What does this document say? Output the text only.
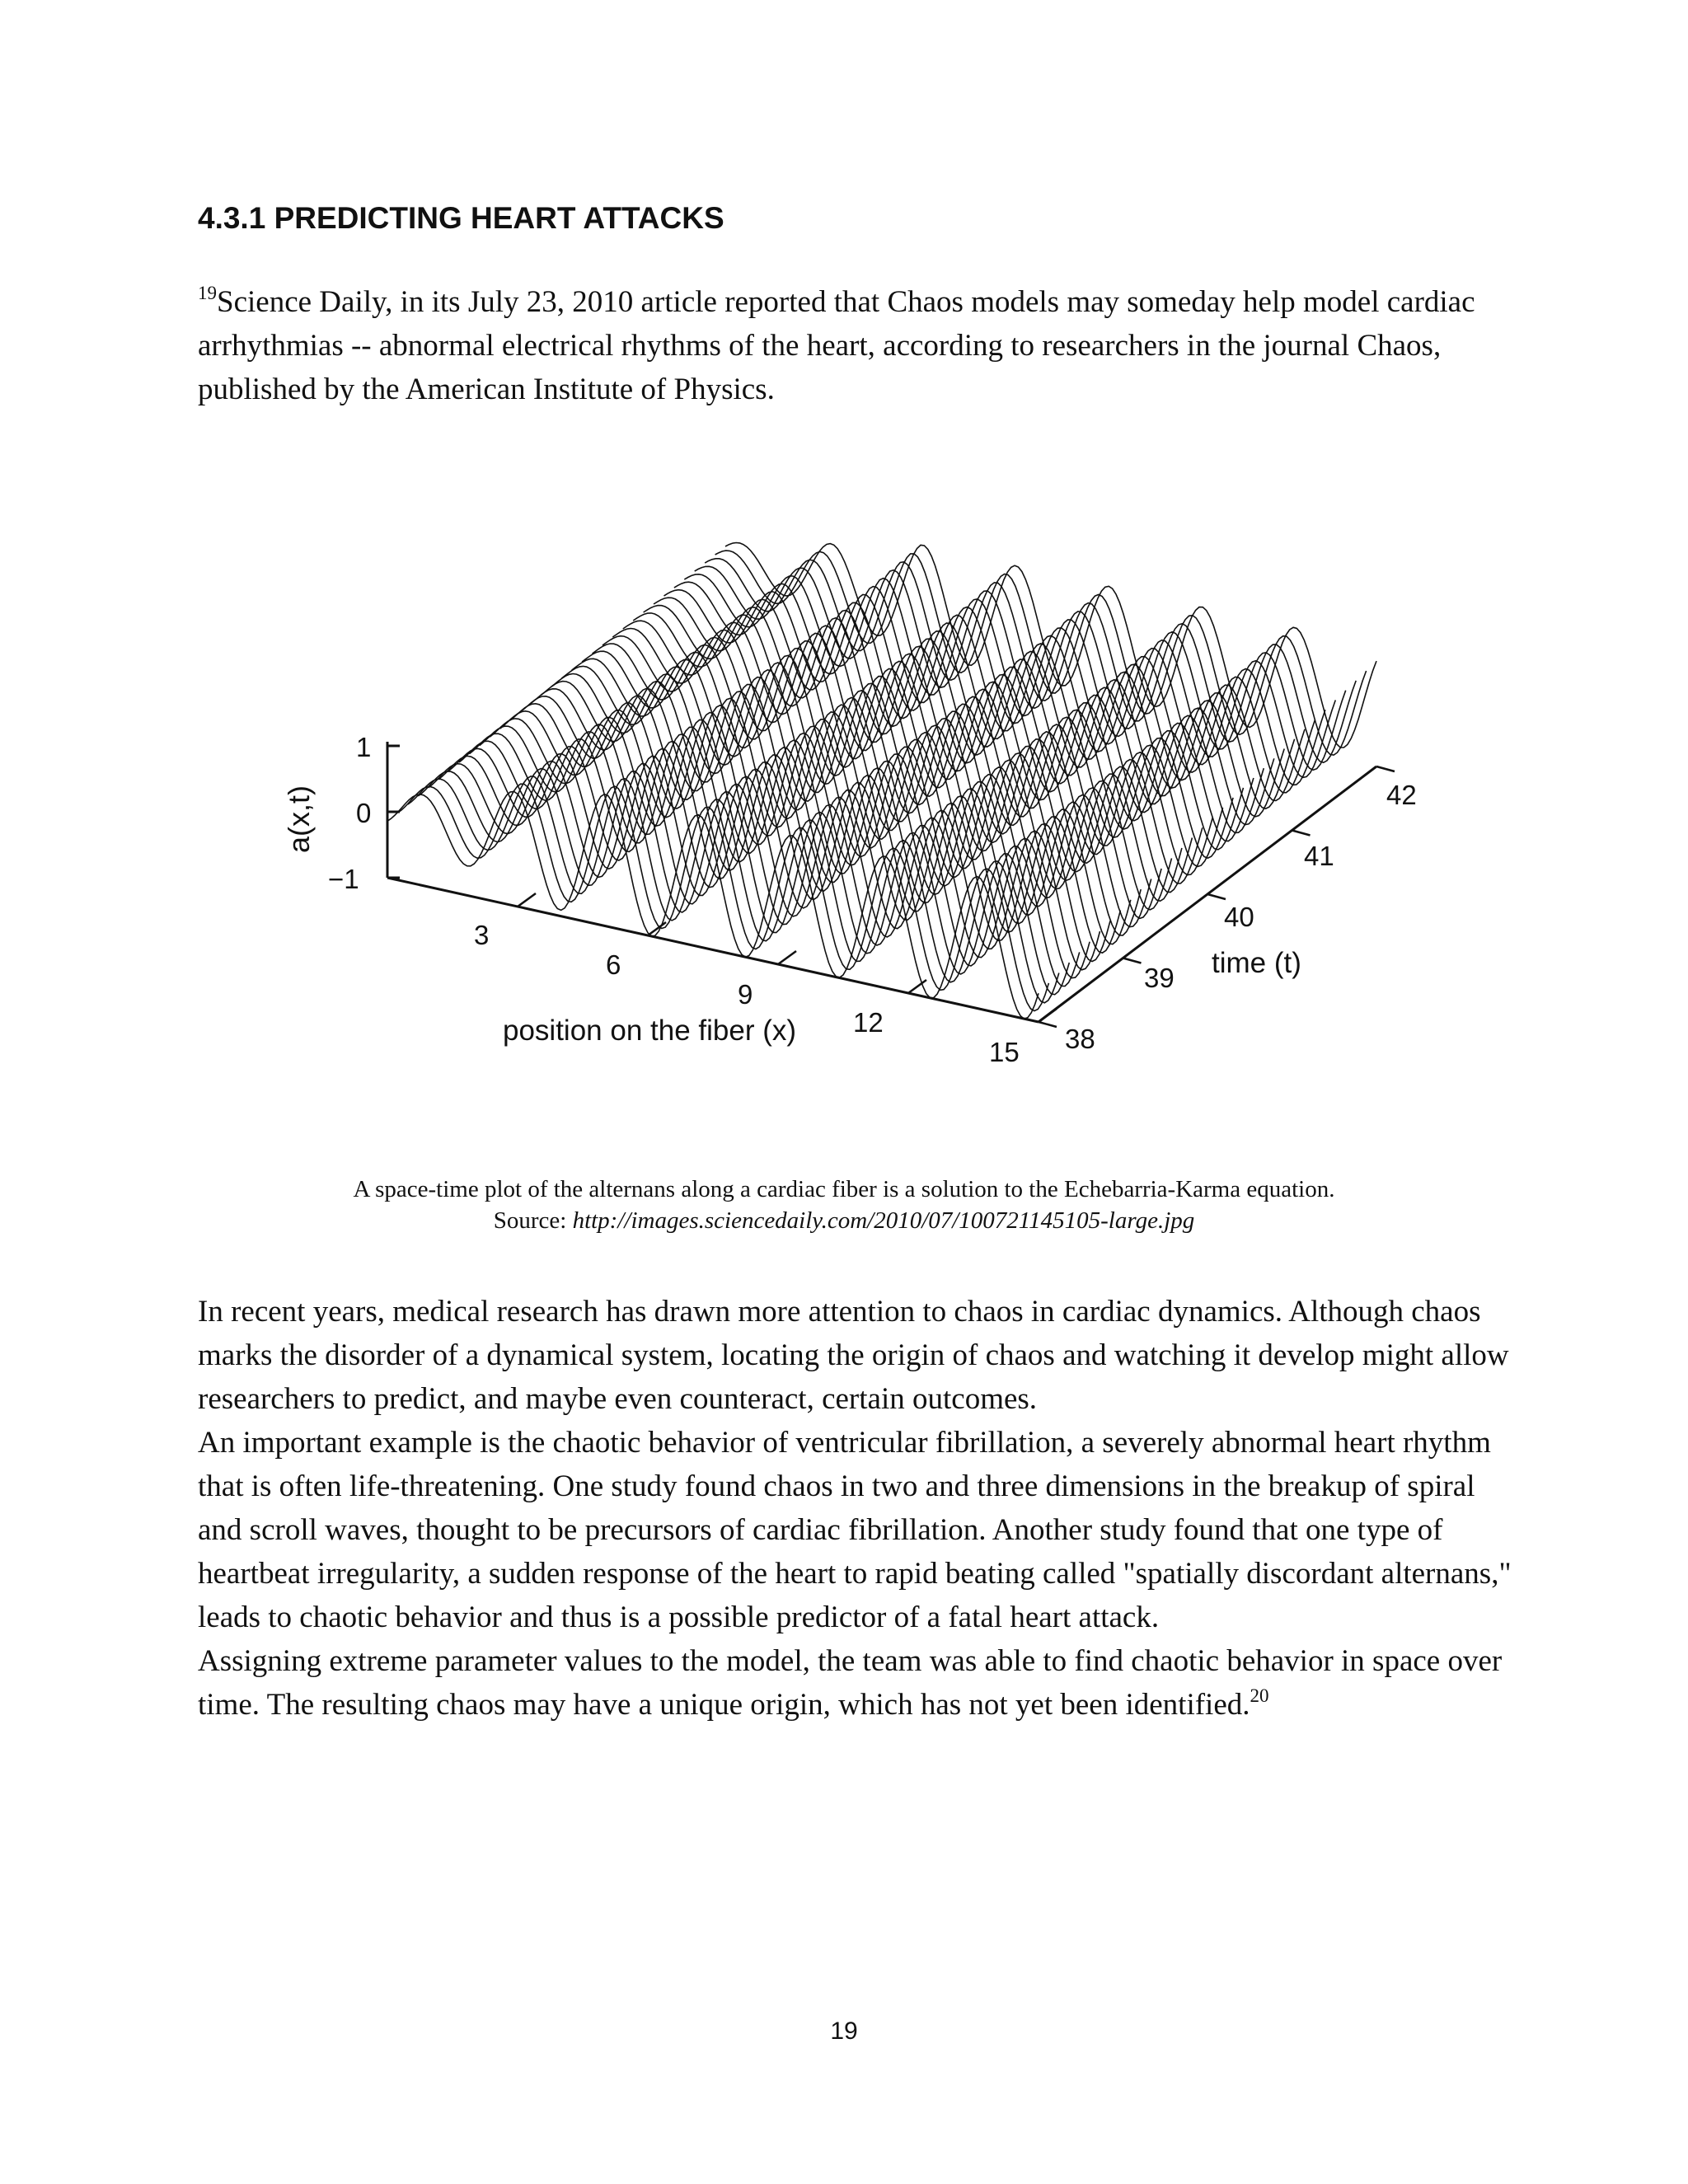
4.3.1 PREDICTING HEART ATTACKS

$^{19}$Science Daily, in its July 23, 2010 article reported that Chaos models may someday help model cardiac arrhythmias -- abnormal electrical rhythms of the heart, according to researchers in the journal Chaos, published by the American Institute of Physics.

1
0
−1
a(x,t)
3
6
9
12
15
position on the fiber (x)	38
39
40
41
42
time (t)
A space-time plot of the alternans along a cardiac fiber is a solution to the Echebarria-Karma equation.
Source: http://images.sciencedaily.com/2010/07/100721145105-large.jpg
In recent years, medical research has drawn more attention to chaos in cardiac dynamics. Although chaos marks the disorder of a dynamical system, locating the origin of chaos and watching it develop might allow researchers to predict, and maybe even counteract, certain outcomes.
An important example is the chaotic behavior of ventricular fibrillation, a severely abnormal heart rhythm that is often life-threatening. One study found chaos in two and three dimensions in the breakup of spiral and scroll waves, thought to be precursors of cardiac fibrillation. Another study found that one type of heartbeat irregularity, a sudden response of the heart to rapid beating called "spatially discordant alternans," leads to chaotic behavior and thus is a possible predictor of a fatal heart attack.
Assigning extreme parameter values to the model, the team was able to find chaotic behavior in space over time. The resulting chaos may have a unique origin, which has not yet been identified.$^{20}$
19
